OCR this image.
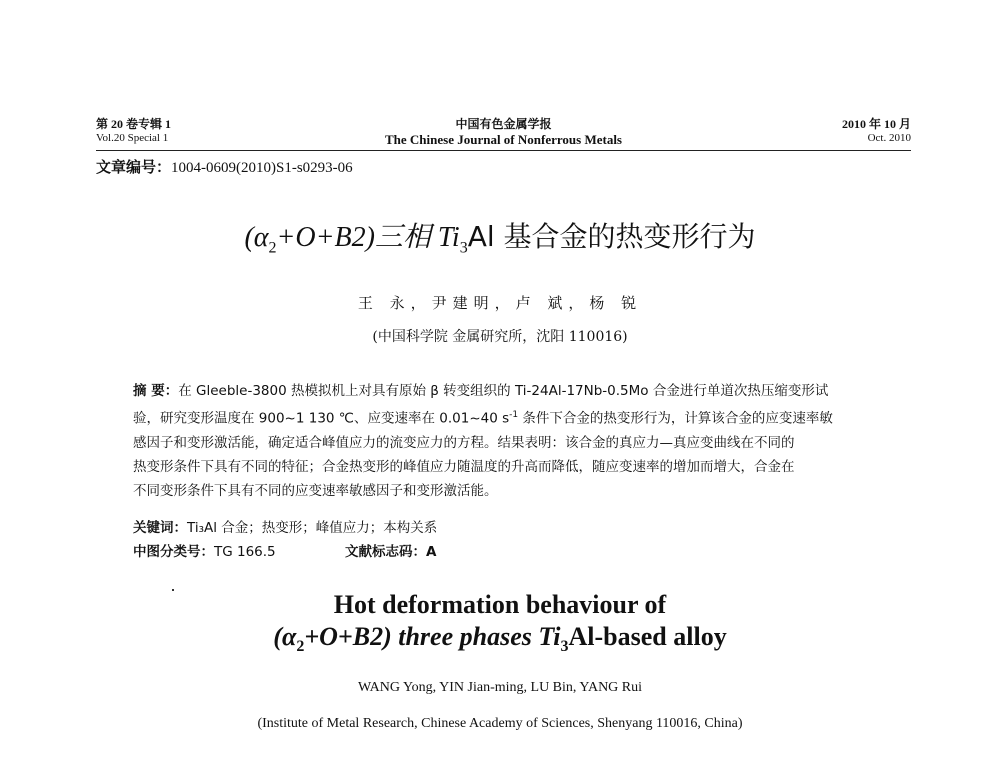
第 20 卷专辑 1	中国有色金属学报	2010 年 10 月
Vol.20 Special 1	The Chinese Journal of Nonferrous Metals	Oct. 2010
文章编号：1004-0609(2010)S1-s0293-06
$(\alpha_2+O+B2)$三相 $Ti_3Al$ 基合金的热变形行为
王 永，尹建明，卢 斌，杨 锐
(中国科学院 金属研究所，沈阳 110016)
摘 要：在 Gleeble-3800 热模拟机上对具有原始 β 转变组织的 Ti-24Al-17Nb-0.5Mo 合金进行单道次热压缩变形试
验，研究变形温度在 900~1 130 ℃、应变速率在 0.01~40 $s^{-1}$ 条件下合金的热变形行为，计算该合金的应变速率敏
感因子和变形激活能，确定适合峰值应力的流变应力的方程。结果表明：该合金的真应力—真应变曲线在不同的
热变形条件下具有不同的特征；合金热变形的峰值应力随温度的升高而降低，随应变速率的增加而增大，合金在
不同变形条件下具有不同的应变速率敏感因子和变形激活能。
关键词：Ti₃Al 合金；热变形；峰值应力；本构关系
中图分类号：TG 166.5	文献标志码：A
Hot deformation behaviour of
$(\alpha_2+O+B2)$ three phases $Ti_3Al$-based alloy
WANG Yong, YIN Jian-ming, LU Bin, YANG Rui
(Institute of Metal Research, Chinese Academy of Sciences, Shenyang 110016, China)
